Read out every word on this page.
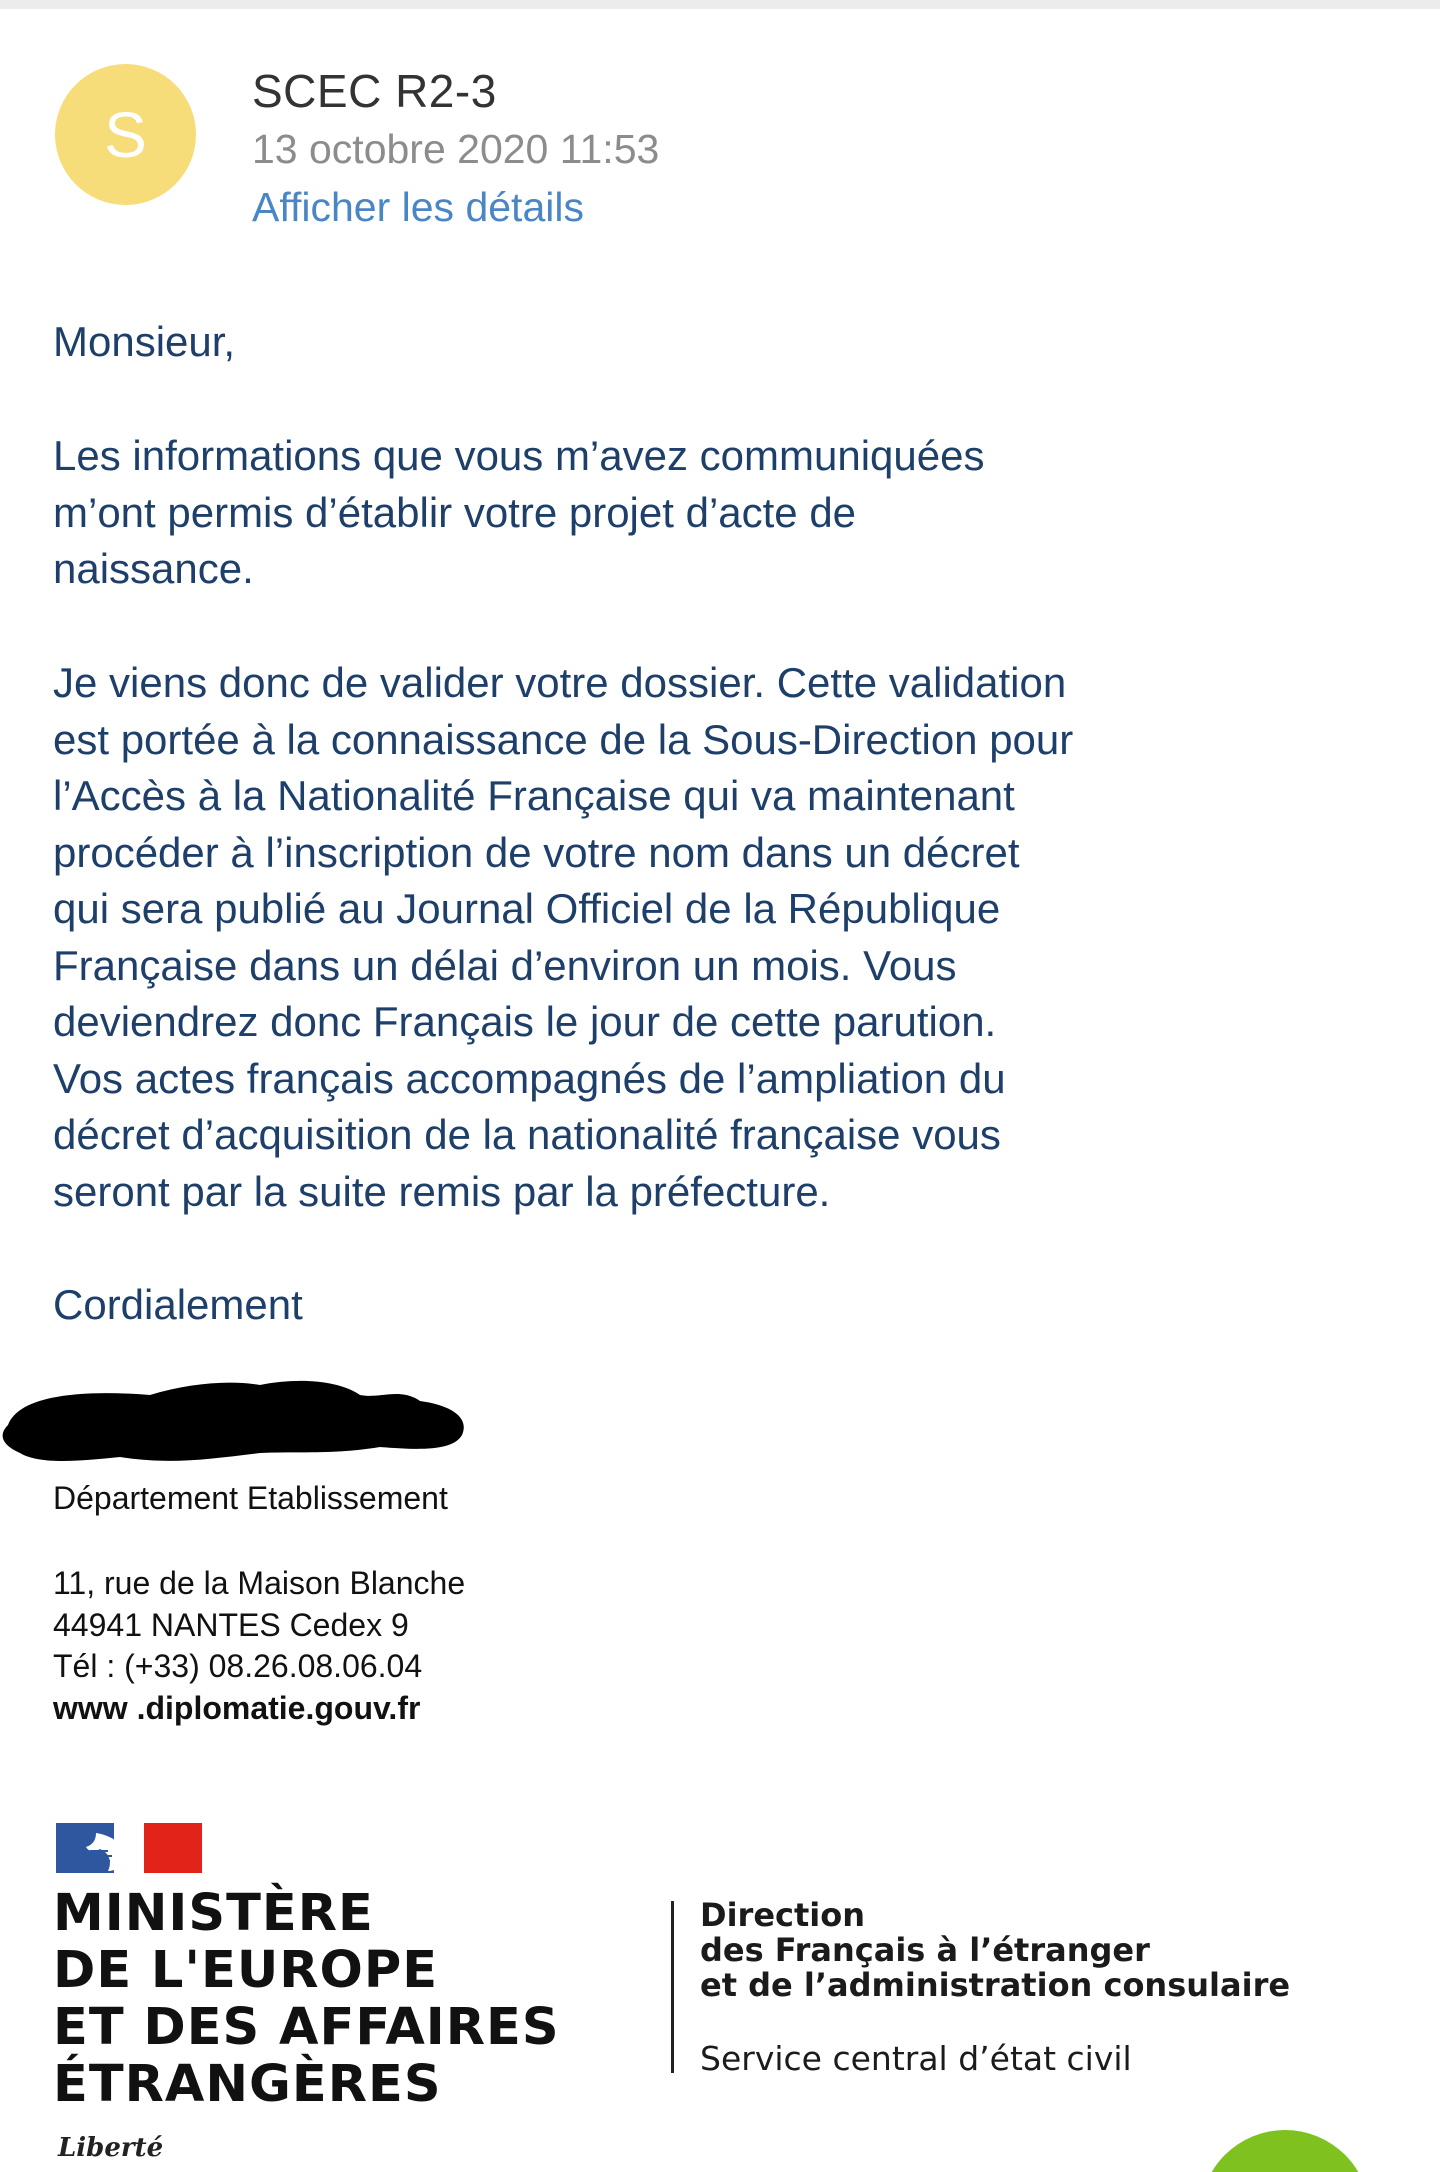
S
SCEC R2-3
13 octobre 2020 11:53
Afficher les détails

Monsieur,

Les informations que vous m’avez communiquées
m’ont permis d’établir votre projet d’acte de
naissance.

Je viens donc de valider votre dossier. Cette validation
est portée à la connaissance de la Sous-Direction pour
l’Accès à la Nationalité Française qui va maintenant
procéder à l’inscription de votre nom dans un décret
qui sera publié au Journal Officiel de la République
Française dans un délai d’environ un mois. Vous
deviendrez donc Français le jour de cette parution.
Vos actes français accompagnés de l’ampliation du
décret d’acquisition de la nationalité française vous
seront par la suite remis par la préfecture.

Cordialement

Département Etablissement

11, rue de la Maison Blanche
44941 NANTES Cedex 9
Tél : (+33) 08.26.08.06.04
www .diplomatie.gouv.fr

MINISTÈRE
DE L'EUROPE
ET DES AFFAIRES
ÉTRANGÈRES

Liberté

Direction
des Français à l’étranger
et de l’administration consulaire

Service central d’état civil
